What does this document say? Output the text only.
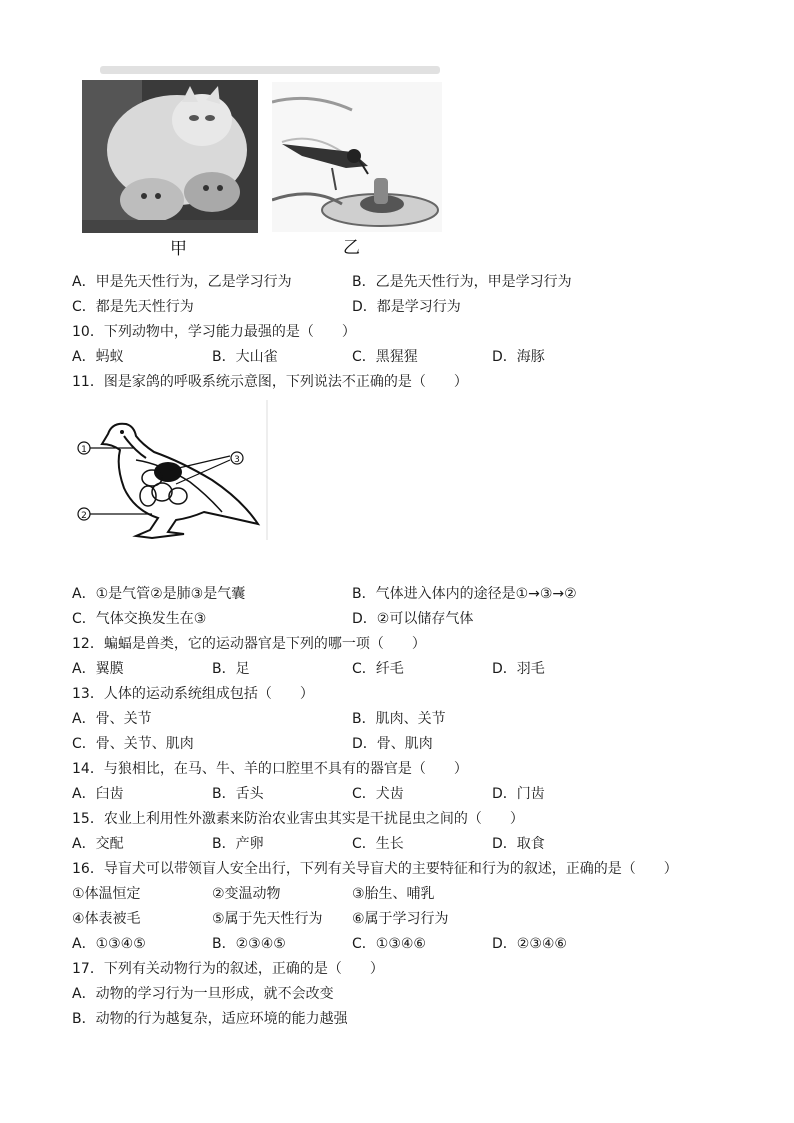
甲	乙
A．甲是先天性行为，乙是学习行为	B．乙是先天性行为，甲是学习行为
C．都是先天性行为	D．都是学习行为
10．下列动物中，学习能力最强的是（　　）
A．蚂蚁	B．大山雀	C．黑猩猩	D．海豚
11．图是家鸽的呼吸系统示意图，下列说法不正确的是（　　）
1
2
3
A．①是气管②是肺③是气囊	B．气体进入体内的途径是①→③→②
C．气体交换发生在③	D．②可以储存气体
12．蝙蝠是兽类，它的运动器官是下列的哪一项（　　）
A．翼膜	B．足	C．纤毛	D．羽毛
13．人体的运动系统组成包括（　　）
A．骨、关节	B．肌肉、关节
C．骨、关节、肌肉	D．骨、肌肉
14．与狼相比，在马、牛、羊的口腔里不具有的器官是（　　）
A．臼齿	B．舌头	C．犬齿	D．门齿
15．农业上利用性外激素来防治农业害虫其实是干扰昆虫之间的（　　）
A．交配	B．产卵	C．生长	D．取食
16．导盲犬可以带领盲人安全出行，下列有关导盲犬的主要特征和行为的叙述，正确的是（　　）
①体温恒定	②变温动物	③胎生、哺乳
④体表被毛	⑤属于先天性行为 ⑥属于学习行为
A．①③④⑤	B．②③④⑤	C．①③④⑥	D．②③④⑥
17．下列有关动物行为的叙述，正确的是（　　）
A．动物的学习行为一旦形成，就不会改变
B．动物的行为越复杂，适应环境的能力越强
